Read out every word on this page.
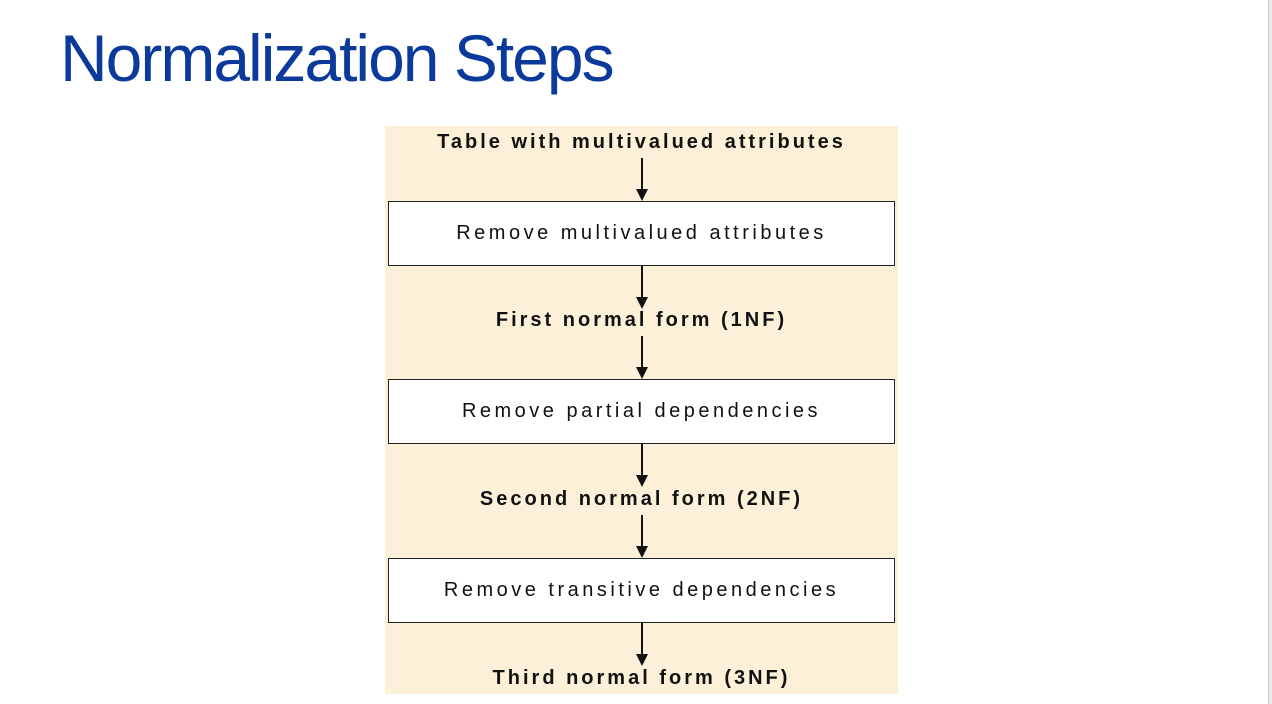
Normalization Steps
Table with multivalued attributes
Remove multivalued attributes
First normal form (1NF)
Remove partial dependencies
Second normal form (2NF)
Remove transitive dependencies
Third normal form (3NF)
